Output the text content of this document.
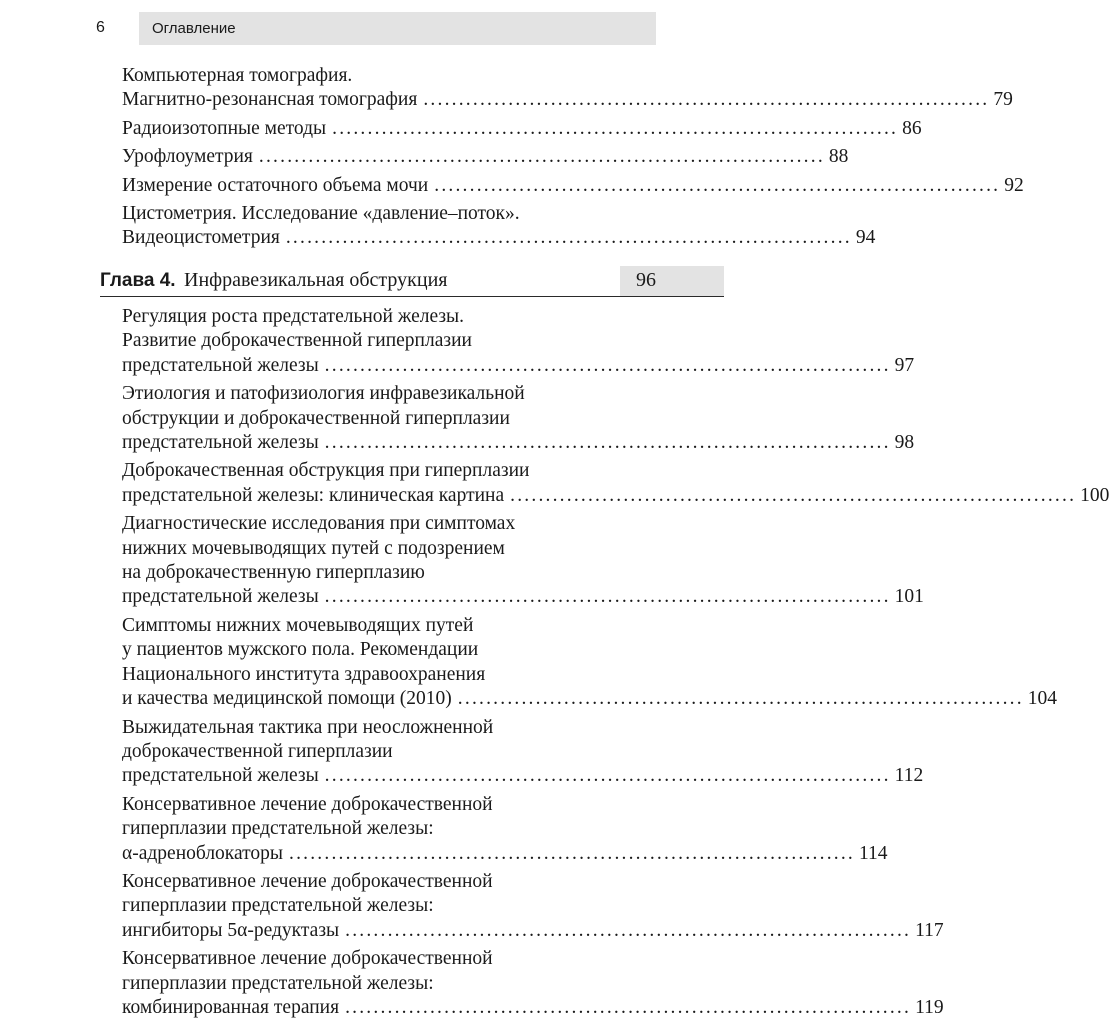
6	Оглавление
Компьютерная томография.
Магнитно-резонансная томография ................................................................................ 79
Радиоизотопные методы ................................................................................ 86
Урофлоуметрия ................................................................................ 88
Измерение остаточного объема мочи ................................................................................ 92
Цистометрия. Исследование «давление–поток».
Видеоцистометрия ................................................................................ 94
Глава 4. Инфравезикальная обструкция	96
Регуляция роста предстательной железы.
Развитие доброкачественной гиперплазии
предстательной железы ................................................................................ 97
Этиология и патофизиология инфравезикальной
обструкции и доброкачественной гиперплазии
предстательной железы ................................................................................ 98
Доброкачественная обструкция при гиперплазии
предстательной железы: клиническая картина ................................................................................ 100
Диагностические исследования при симптомах
нижних мочевыводящих путей с подозрением
на доброкачественную гиперплазию
предстательной железы ................................................................................ 101
Симптомы нижних мочевыводящих путей
у пациентов мужского пола. Рекомендации
Национального института здравоохранения
и качества медицинской помощи (2010) ................................................................................ 104
Выжидательная тактика при неосложненной
доброкачественной гиперплазии
предстательной железы ................................................................................ 112
Консервативное лечение доброкачественной
гиперплазии предстательной железы:
α-адреноблокаторы ................................................................................ 114
Консервативное лечение доброкачественной
гиперплазии предстательной железы:
ингибиторы 5α-редуктазы ................................................................................ 117
Консервативное лечение доброкачественной
гиперплазии предстательной железы:
комбинированная терапия ................................................................................ 119
